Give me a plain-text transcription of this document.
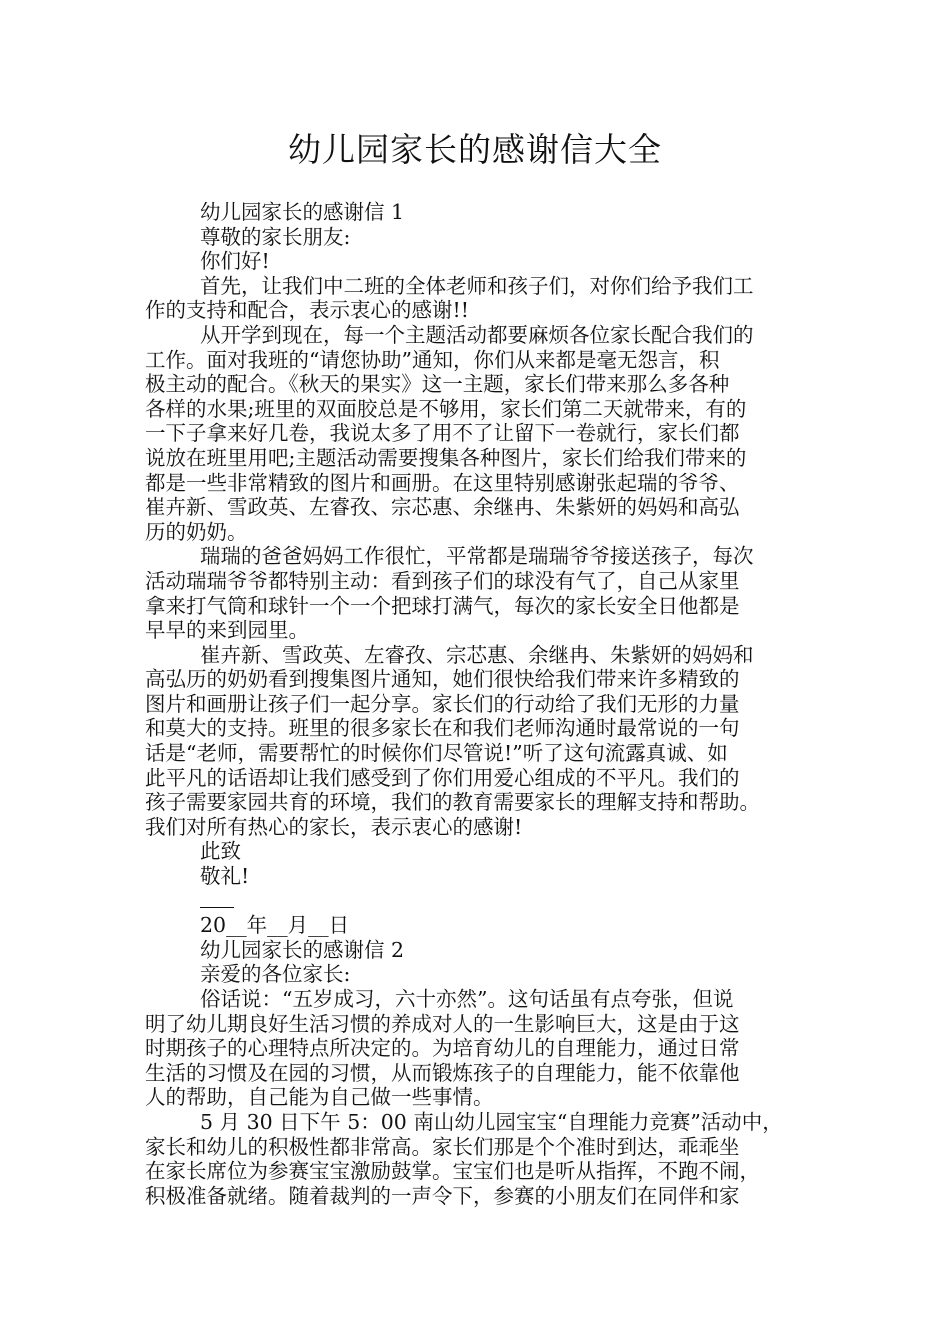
幼儿园家长的感谢信大全
幼儿园家长的感谢信 1
尊敬的家长朋友:
你们好!
首先，让我们中二班的全体老师和孩子们，对你们给予我们工
作的支持和配合，表示衷心的感谢!!
从开学到现在，每一个主题活动都要麻烦各位家长配合我们的
工作。面对我班的“请您协助”通知，你们从来都是毫无怨言，积
极主动的配合。《秋天的果实》这一主题，家长们带来那么多各种
各样的水果;班里的双面胶总是不够用，家长们第二天就带来，有的
一下子拿来好几卷，我说太多了用不了让留下一卷就行，家长们都
说放在班里用吧;主题活动需要搜集各种图片，家长们给我们带来的
都是一些非常精致的图片和画册。在这里特别感谢张起瑞的爷爷、
崔卉新、雪政英、左睿孜、宗芯惠、余继冉、朱紫妍的妈妈和高弘
历的奶奶。
瑞瑞的爸爸妈妈工作很忙，平常都是瑞瑞爷爷接送孩子，每次
活动瑞瑞爷爷都特别主动：看到孩子们的球没有气了，自己从家里
拿来打气筒和球针一个一个把球打满气，每次的家长安全日他都是
早早的来到园里。
崔卉新、雪政英、左睿孜、宗芯惠、余继冉、朱紫妍的妈妈和
高弘历的奶奶看到搜集图片通知，她们很快给我们带来许多精致的
图片和画册让孩子们一起分享。家长们的行动给了我们无形的力量
和莫大的支持。班里的很多家长在和我们老师沟通时最常说的一句
话是“老师，需要帮忙的时候你们尽管说!”听了这句流露真诚、如
此平凡的话语却让我们感受到了你们用爱心组成的不平凡。我们的
孩子需要家园共育的环境，我们的教育需要家长的理解支持和帮助。
我们对所有热心的家长，表示衷心的感谢!
此致
敬礼!
20__年__月__日
幼儿园家长的感谢信 2
亲爱的各位家长:
俗话说：“五岁成习，六十亦然”。这句话虽有点夸张，但说
明了幼儿期良好生活习惯的养成对人的一生影响巨大，这是由于这
时期孩子的心理特点所决定的。为培育幼儿的自理能力，通过日常
生活的习惯及在园的习惯，从而锻炼孩子的自理能力，能不依靠他
人的帮助，自己能为自己做一些事情。
5 月 30 日下午 5：00 南山幼儿园宝宝“自理能力竞赛”活动中，
家长和幼儿的积极性都非常高。家长们那是个个准时到达，乖乖坐
在家长席位为参赛宝宝激励鼓掌。宝宝们也是听从指挥，不跑不闹，
积极准备就绪。随着裁判的一声令下，参赛的小朋友们在同伴和家
